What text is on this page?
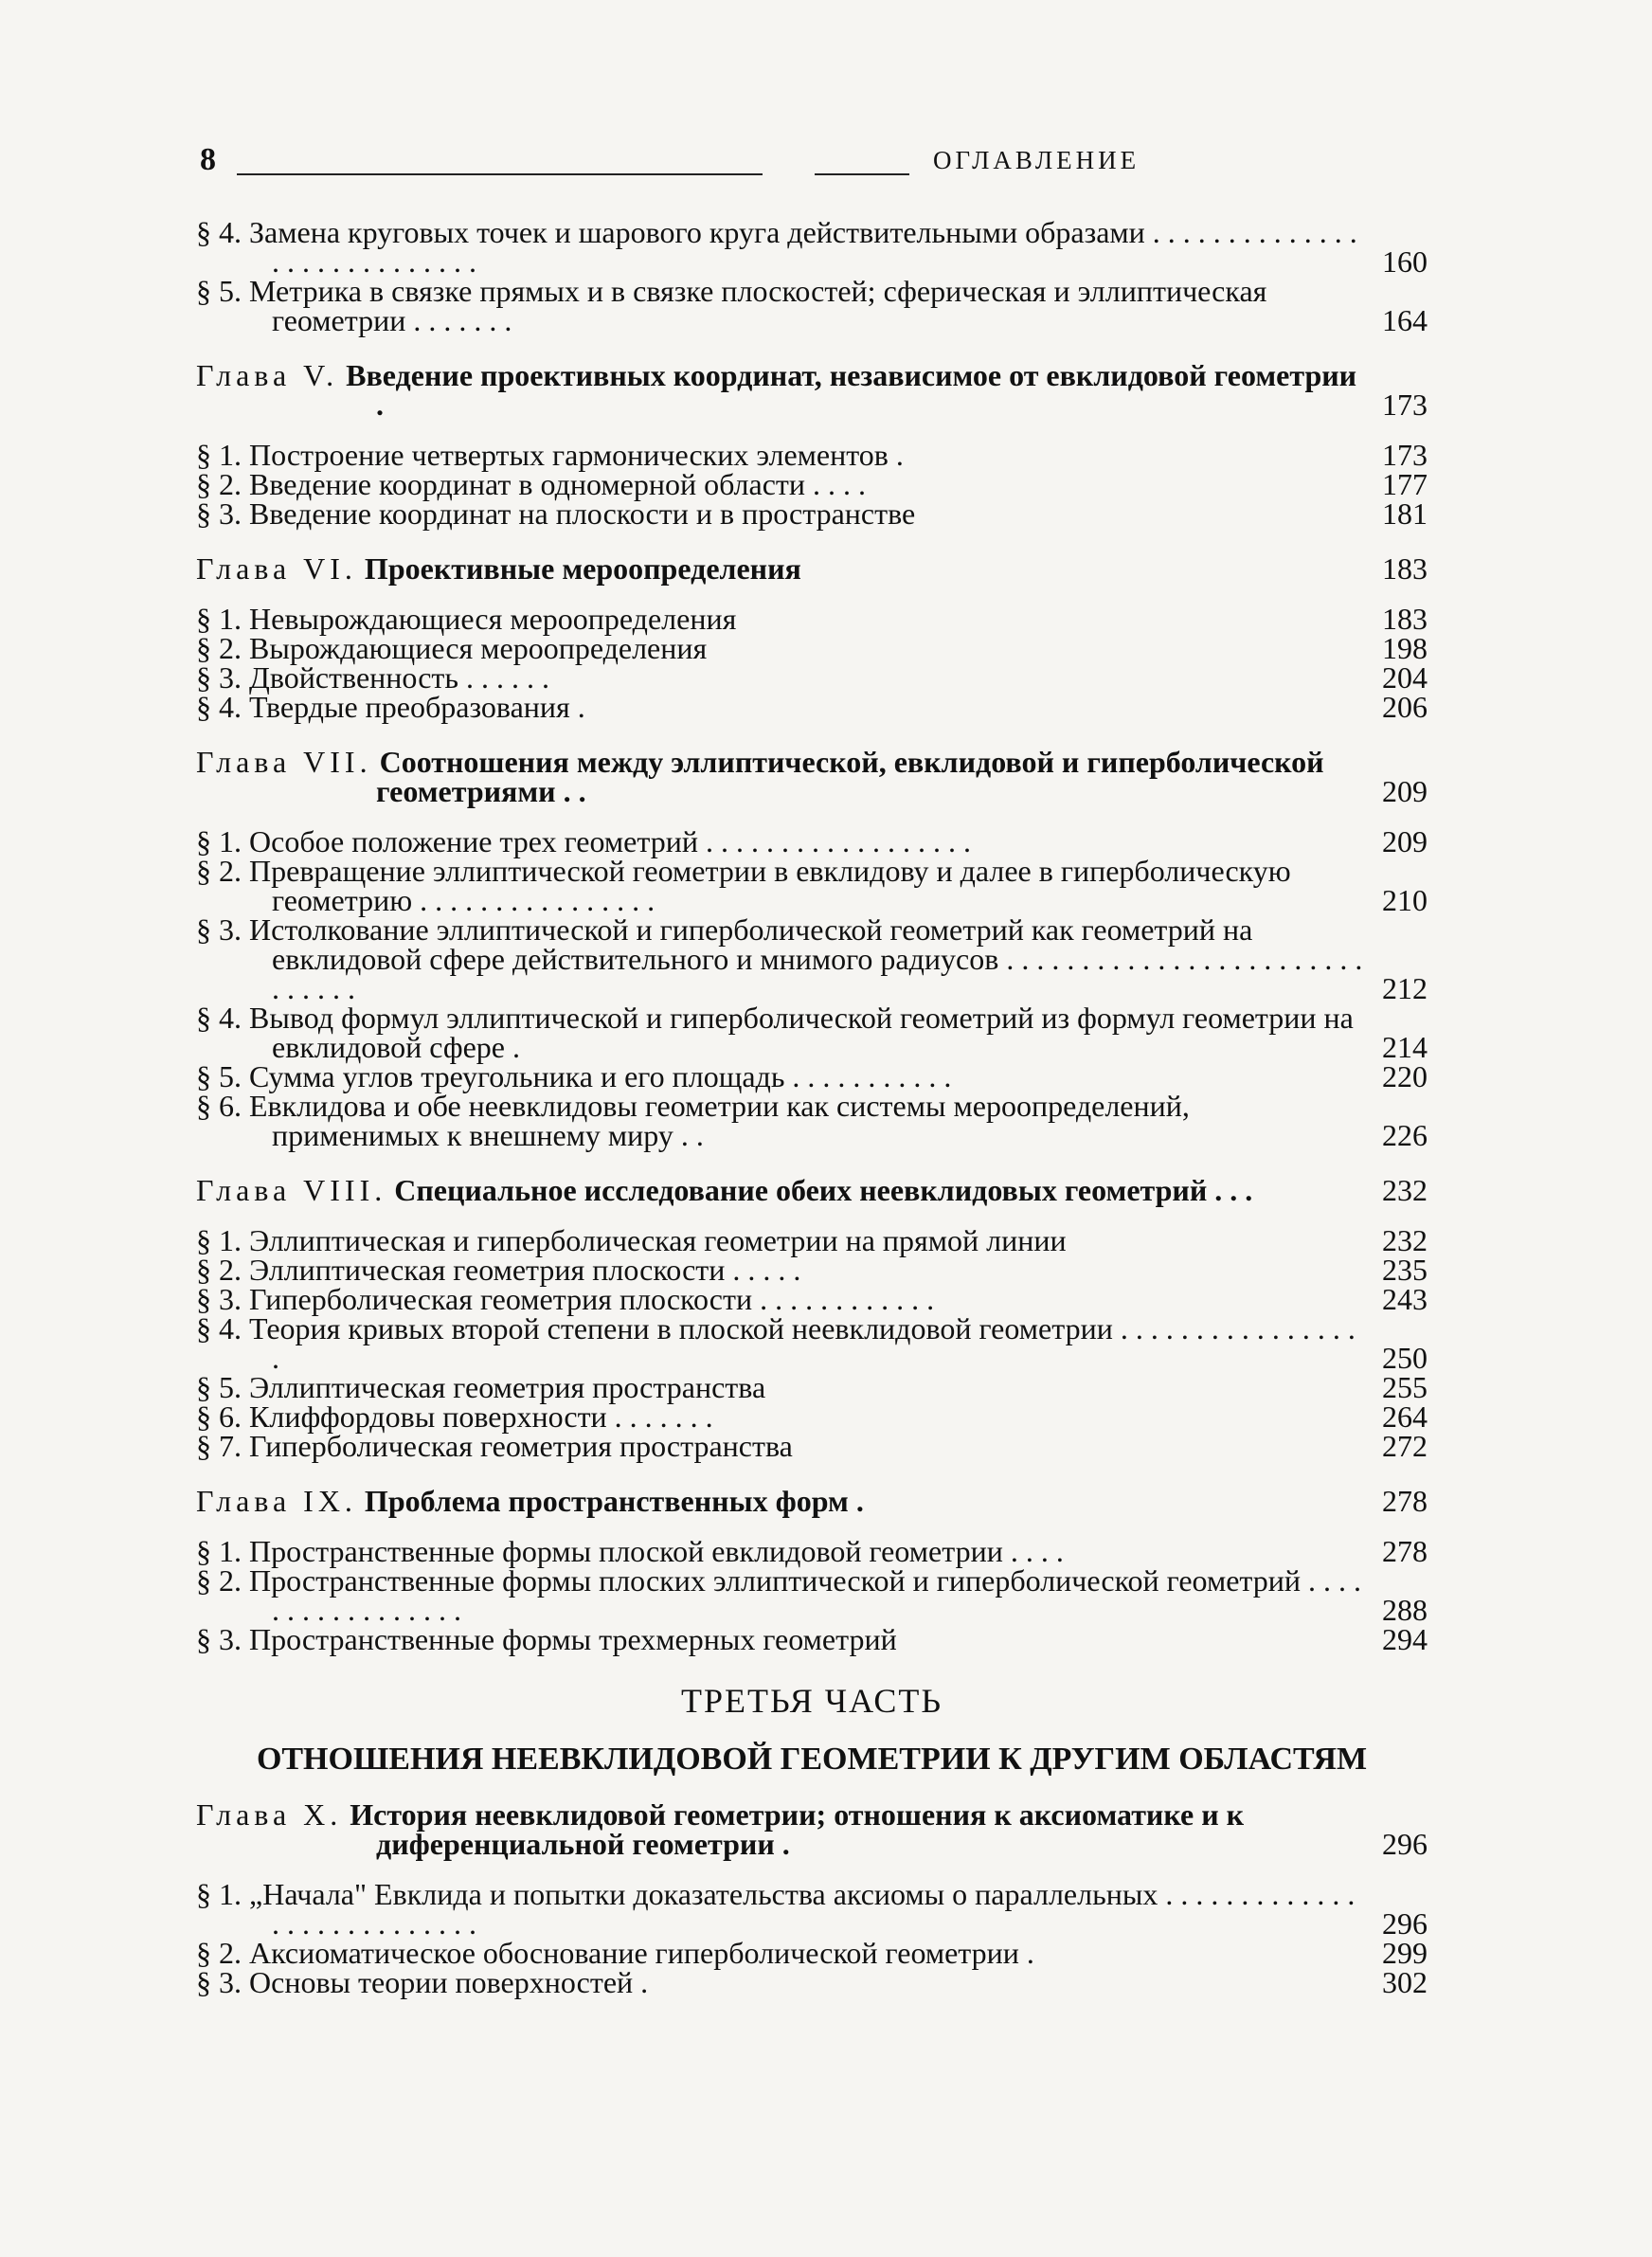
8	ОГЛАВЛЕНИЕ
§ 4. Замена круговых точек и шарового круга действительными образами . . . . . . . . . . . . . . . . . . . . . . . . . . . .	160
§ 5. Метрика в связке прямых и в связке плоскостей; сферическая и эллиптическая геометрии . . . . . . .	164
Глава V. Введение проективных координат, независимое от евклидовой геометрии .	173
§ 1. Построение четвертых гармонических элементов .	173
§ 2. Введение координат в одномерной области . . . .	177
§ 3. Введение координат на плоскости и в пространстве	181
Глава VI. Проективные мероопределения	183
§ 1. Невырождающиеся мероопределения	183
§ 2. Вырождающиеся мероопределения	198
§ 3. Двойственность . . . . . .	204
§ 4. Твердые преобразования .	206
Глава VII. Соотношения между эллиптической, евклидовой и гиперболической геометриями . .	209
§ 1. Особое положение трех геометрий . . . . . . . . . . . . . . . . . .	209
§ 2. Превращение эллиптической геометрии в евклидову и далее в гиперболическую геометрию . . . . . . . . . . . . . . . .	210
§ 3. Истолкование эллиптической и гиперболической геометрий как геометрий на евклидовой сфере действительного и мнимого радиусов . . . . . . . . . . . . . . . . . . . . . . . . . . . . . .	212
§ 4. Вывод формул эллиптической и гиперболической геометрий из формул геометрии на евклидовой сфере .	214
§ 5. Сумма углов треугольника и его площадь . . . . . . . . . . .	220
§ 6. Евклидова и обе неевклидовы геометрии как системы мероопределений, применимых к внешнему миру . .	226
Глава VIII. Специальное исследование обеих неевклидовых геометрий . . .	232
§ 1. Эллиптическая и гиперболическая геометрии на прямой линии	232
§ 2. Эллиптическая геометрия плоскости . . . . .	235
§ 3. Гиперболическая геометрия плоскости . . . . . . . . . . . .	243
§ 4. Теория кривых второй степени в плоской неевклидовой геометрии . . . . . . . . . . . . . . . . .	250
§ 5. Эллиптическая геометрия пространства	255
§ 6. Клиффордовы поверхности . . . . . . .	264
§ 7. Гиперболическая геометрия пространства	272
Глава IX. Проблема пространственных форм .	278
§ 1. Пространственные формы плоской евклидовой геометрии . . . .	278
§ 2. Пространственные формы плоских эллиптической и гиперболической геометрий . . . . . . . . . . . . . . . . .	288
§ 3. Пространственные формы трехмерных геометрий	294
ТРЕТЬЯ ЧАСТЬ
ОТНОШЕНИЯ НЕЕВКЛИДОВОЙ ГЕОМЕТРИИ К ДРУГИМ ОБЛАСТЯМ
Глава X. История неевклидовой геометрии; отношения к аксиоматике и к диференциальной геометрии .	296
§ 1. „Начала" Евклида и попытки доказательства аксиомы о параллельных . . . . . . . . . . . . . . . . . . . . . . . . . . .	296
§ 2. Аксиоматическое обоснование гиперболической геометрии .	299
§ 3. Основы теории поверхностей .	302
